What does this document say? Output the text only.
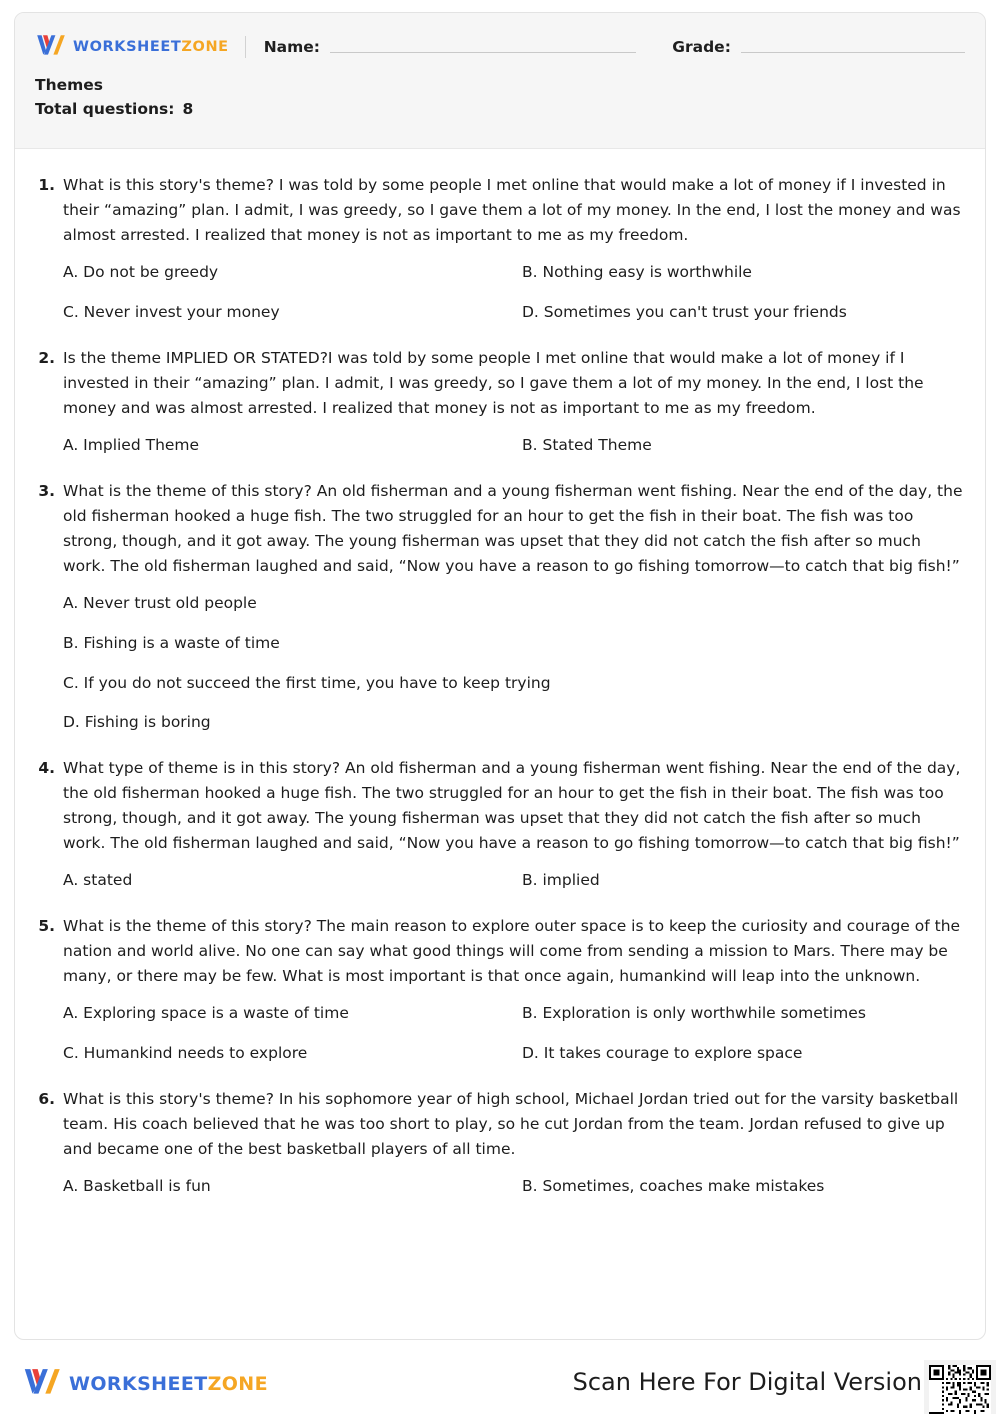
WORKSHEETZONE Name:	Grade:
Themes
Total questions: 8
1. What is this story's theme? I was told by some people I met online that would make a lot of money if I invested in their “amazing” plan. I admit, I was greedy, so I gave them a lot of my money. In the end, I lost the money and was almost arrested. I realized that money is not as important to me as my freedom.
A. Do not be greedy	B. Nothing easy is worthwhile
C. Never invest your money	D. Sometimes you can't trust your friends
2. Is the theme IMPLIED OR STATED?I was told by some people I met online that would make a lot of money if I invested in their “amazing” plan. I admit, I was greedy, so I gave them a lot of my money. In the end, I lost the money and was almost arrested. I realized that money is not as important to me as my freedom.
A. Implied Theme	B. Stated Theme
3. What is the theme of this story? An old fisherman and a young fisherman went fishing. Near the end of the day, the old fisherman hooked a huge fish. The two struggled for an hour to get the fish in their boat. The fish was too strong, though, and it got away. The young fisherman was upset that they did not catch the fish after so much work. The old fisherman laughed and said, “Now you have a reason to go fishing tomorrow—to catch that big fish!”
A. Never trust old people
B. Fishing is a waste of time
C. If you do not succeed the first time, you have to keep trying
D. Fishing is boring
4. What type of theme is in this story? An old fisherman and a young fisherman went fishing. Near the end of the day, the old fisherman hooked a huge fish. The two struggled for an hour to get the fish in their boat. The fish was too strong, though, and it got away. The young fisherman was upset that they did not catch the fish after so much work. The old fisherman laughed and said, “Now you have a reason to go fishing tomorrow—to catch that big fish!”
A. stated	B. implied
5. What is the theme of this story? The main reason to explore outer space is to keep the curiosity and courage of the nation and world alive. No one can say what good things will come from sending a mission to Mars. There may be many, or there may be few. What is most important is that once again, humankind will leap into the unknown.
A. Exploring space is a waste of time	B. Exploration is only worthwhile sometimes
C. Humankind needs to explore	D. It takes courage to explore space
6. What is this story's theme? In his sophomore year of high school, Michael Jordan tried out for the varsity basketball team. His coach believed that he was too short to play, so he cut Jordan from the team. Jordan refused to give up and became one of the best basketball players of all time.
A. Basketball is fun	B. Sometimes, coaches make mistakes
WORKSHEETZONE	Scan Here For Digital Version
